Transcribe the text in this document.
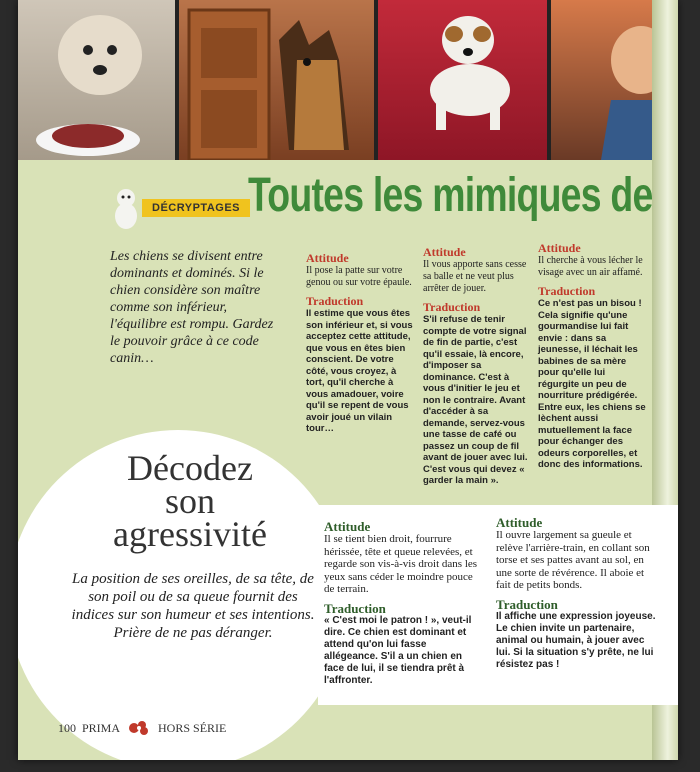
DÉCRYPTAGES Toutes les mimiques de
Les chiens se divisent entre dominants et dominés. Si le chien considère son maître comme son inférieur, l'équilibre est rompu. Gardez le pouvoir grâce à ce code canin…
Attitude
Il pose la patte sur votre genou ou sur votre épaule.
Traduction
Il estime que vous êtes son inférieur et, si vous acceptez cette attitude, que vous en êtes bien conscient. De votre côté, vous croyez, à tort, qu'il cherche à vous amadouer, voire qu'il se repent de vous avoir joué un vilain tour…
Attitude
Il vous apporte sans cesse sa balle et ne veut plus arrêter de jouer.
Traduction
S'il refuse de tenir compte de votre signal de fin de partie, c'est qu'il essaie, là encore, d'imposer sa dominance. C'est à vous d'initier le jeu et non le contraire. Avant d'accéder à sa demande, servez-vous une tasse de café ou passez un coup de fil avant de jouer avec lui. C'est vous qui devez « garder la main ».
Attitude
Il cherche à vous lécher le visage avec un air affamé.
Traduction
Ce n'est pas un bisou ! Cela signifie qu'une gourmandise lui fait envie : dans sa jeunesse, il léchait les babines de sa mère pour qu'elle lui régurgite un peu de nourriture prédigérée. Entre eux, les chiens se lèchent aussi mutuellement la face pour échanger des odeurs corporelles, et donc des informations.
Décodez
son
agressivité
La position de ses oreilles, de sa tête, de son poil ou de sa queue fournit des indices sur son humeur et ses intentions. Prière de ne pas déranger.
Attitude
Il se tient bien droit, fourrure hérissée, tête et queue relevées, et regarde son vis-à-vis droit dans les yeux sans céder le moindre pouce de terrain.
Traduction
« C'est moi le patron ! », veut-il dire. Ce chien est dominant et attend qu'on lui fasse allégeance. S'il a un chien en face de lui, il se tiendra prêt à l'affronter.
Attitude
Il ouvre largement sa gueule et relève l'arrière-train, en collant son torse et ses pattes avant au sol, en une sorte de révérence. Il aboie et fait de petits bonds.
Traduction
Il affiche une expression joyeuse. Le chien invite un partenaire, animal ou humain, à jouer avec lui. Si la situation s'y prête, ne lui résistez pas !
100 PRIMA	HORS SÉRIE
